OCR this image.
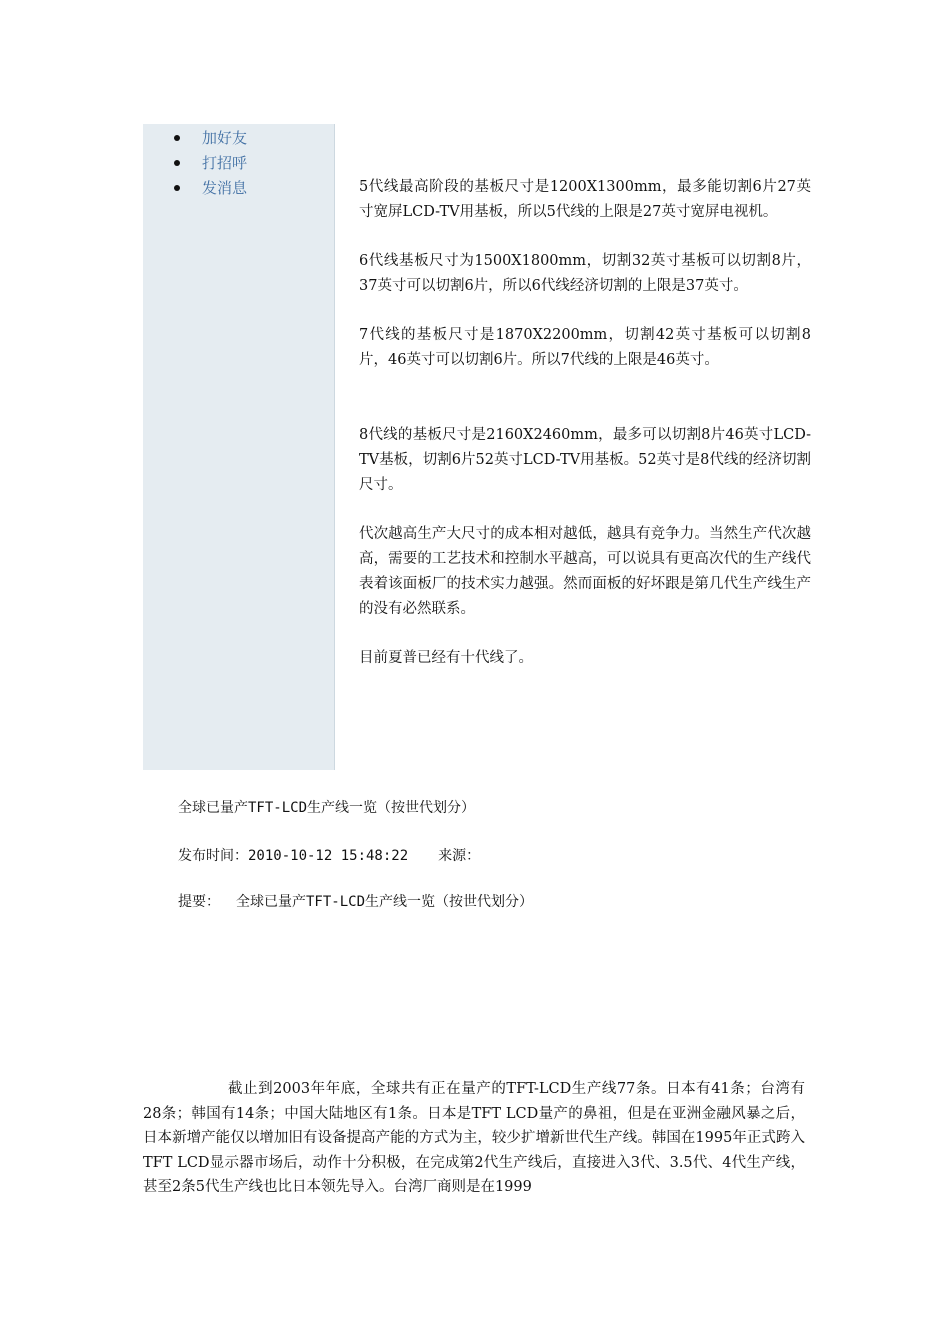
加好友
打招呼
发消息	5代线最高阶段的基板尺寸是1200X1300mm，最多能切割6片27英寸宽屏LCD-TV用基板，所以5代线的上限是27英寸宽屏电视机。

6代线基板尺寸为1500X1800mm，切割32英寸基板可以切割8片，37英寸可以切割6片，所以6代线经济切割的上限是37英寸。

7代线的基板尺寸是1870X2200mm，切割42英寸基板可以切割8片，46英寸可以切割6片。所以7代线的上限是46英寸。

8代线的基板尺寸是2160X2460mm，最多可以切割8片46英寸LCD-TV基板，切割6片52英寸LCD-TV用基板。52英寸是8代线的经济切割尺寸。

代次越高生产大尺寸的成本相对越低，越具有竞争力。当然生产代次越高，需要的工艺技术和控制水平越高，可以说具有更高次代的生产线代表着该面板厂的技术实力越强。然而面板的好坏跟是第几代生产线生产的没有必然联系。

目前夏普已经有十代线了。

全球已量产TFT-LCD生产线一览（按世代划分）
发布时间：2010-10-12 15:48:22 来源：
提要： 全球已量产TFT-LCD生产线一览（按世代划分）

截止到2003年年底，全球共有正在量产的TFT-LCD生产线77条。日本有41条；台湾有28条；韩国有14条；中国大陆地区有1条。日本是TFT LCD量产的鼻祖，但是在亚洲金融风暴之后，日本新增产能仅以增加旧有设备提高产能的方式为主，较少扩增新世代生产线。韩国在1995年正式跨入TFT LCD显示器市场后，动作十分积极，在完成第2代生产线后，直接进入3代、3.5代、4代生产线，甚至2条5代生产线也比日本领先导入。台湾厂商则是在1999
